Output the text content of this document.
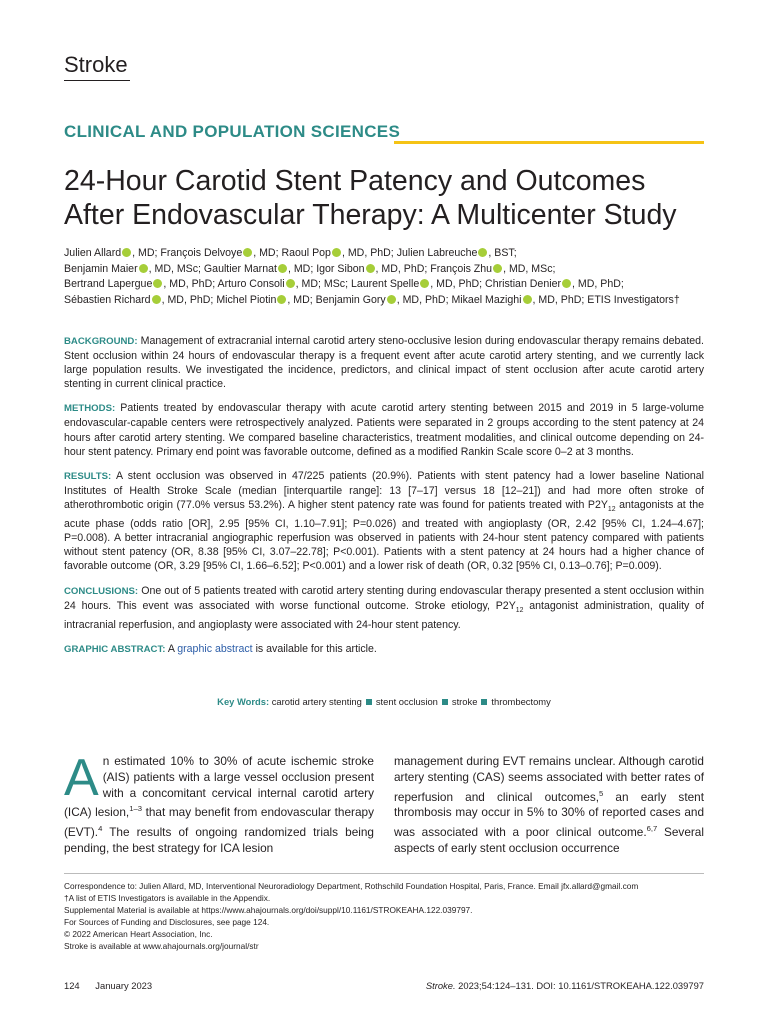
Stroke
CLINICAL AND POPULATION SCIENCES
24-Hour Carotid Stent Patency and Outcomes
After Endovascular Therapy: A Multicenter Study
Julien Allard , MD; François Delvoye , MD; Raoul Pop , MD, PhD; Julien Labreuche , BST;
Benjamin Maier , MD, MSc; Gaultier Marnat , MD; Igor Sibon , MD, PhD; François Zhu , MD, MSc;
Bertrand Lapergue , MD, PhD; Arturo Consoli , MD; MSc; Laurent Spelle , MD, PhD; Christian Denier , MD, PhD;
Sébastien Richard , MD, PhD; Michel Piotin , MD; Benjamin Gory , MD, PhD; Mikael Mazighi , MD, PhD; ETIS Investigators†

BACKGROUND: Management of extracranial internal carotid artery steno-occlusive lesion during endovascular therapy remains debated. Stent occlusion within 24 hours of endovascular therapy is a frequent event after acute carotid artery stenting, and we currently lack large population results. We investigated the incidence, predictors, and clinical impact of stent occlusion after acute carotid artery stenting in current clinical practice.

METHODS: Patients treated by endovascular therapy with acute carotid artery stenting between 2015 and 2019 in 5 large-volume endovascular-capable centers were retrospectively analyzed. Patients were separated in 2 groups according to the stent patency at 24 hours after carotid artery stenting. We compared baseline characteristics, treatment modalities, and clinical outcome depending on 24-hour stent patency. Primary end point was favorable outcome, defined as a modified Rankin Scale score 0–2 at 3 months.

RESULTS: A stent occlusion was observed in 47/225 patients (20.9%). Patients with stent patency had a lower baseline National Institutes of Health Stroke Scale (median [interquartile range]: 13 [7–17] versus 18 [12–21]) and had more often stroke of atherothrombotic origin (77.0% versus 53.2%). A higher stent patency rate was found for patients treated with $P2Y_{12}$ antagonists at the acute phase (odds ratio [OR], 2.95 [95% CI, 1.10–7.91]; P=0.026) and treated with angioplasty (OR, 2.42 [95% CI, 1.24–4.67]; P=0.008). A better intracranial angiographic reperfusion was observed in patients with 24-hour stent patency compared with patients without stent patency (OR, 8.38 [95% CI, 3.07–22.78]; P<0.001). Patients with a stent patency at 24 hours had a higher chance of favorable outcome (OR, 3.29 [95% CI, 1.66–6.52]; P<0.001) and a lower risk of death (OR, 0.32 [95% CI, 0.13–0.76]; P=0.009).

CONCLUSIONS: One out of 5 patients treated with carotid artery stenting during endovascular therapy presented a stent occlusion within 24 hours. This event was associated with worse functional outcome. Stroke etiology, $P2Y_{12}$ antagonist administration, quality of intracranial reperfusion, and angioplasty were associated with 24-hour stent patency.

GRAPHIC ABSTRACT: A graphic abstract is available for this article.

Key Words: carotid artery stenting stent occlusion stroke thrombectomy
An estimated 10% to 30% of acute ischemic stroke (AIS) patients with a large vessel occlusion present with a concomitant cervical internal carotid artery (ICA) lesion,$^{1-3}$ that may benefit from endovascular therapy (EVT).$^4$ The results of ongoing randomized trials being pending, the best strategy for ICA lesion
management during EVT remains unclear. Although carotid artery stenting (CAS) seems associated with better rates of reperfusion and clinical outcomes,$^5$ an early stent thrombosis may occur in 5% to 30% of reported cases and was associated with a poor clinical outcome.$^{6,7}$ Several aspects of early stent occlusion occurrence
Correspondence to: Julien Allard, MD, Interventional Neuroradiology Department, Rothschild Foundation Hospital, Paris, France. Email jfx.allard@gmail.com
†A list of ETIS Investigators is available in the Appendix.
Supplemental Material is available at https://www.ahajournals.org/doi/suppl/10.1161/STROKEAHA.122.039797.
For Sources of Funding and Disclosures, see page 124.
© 2022 American Heart Association, Inc.
Stroke is available at www.ahajournals.org/journal/str
124 January 2023	Stroke. 2023;54:124–131. DOI: 10.1161/STROKEAHA.122.039797
